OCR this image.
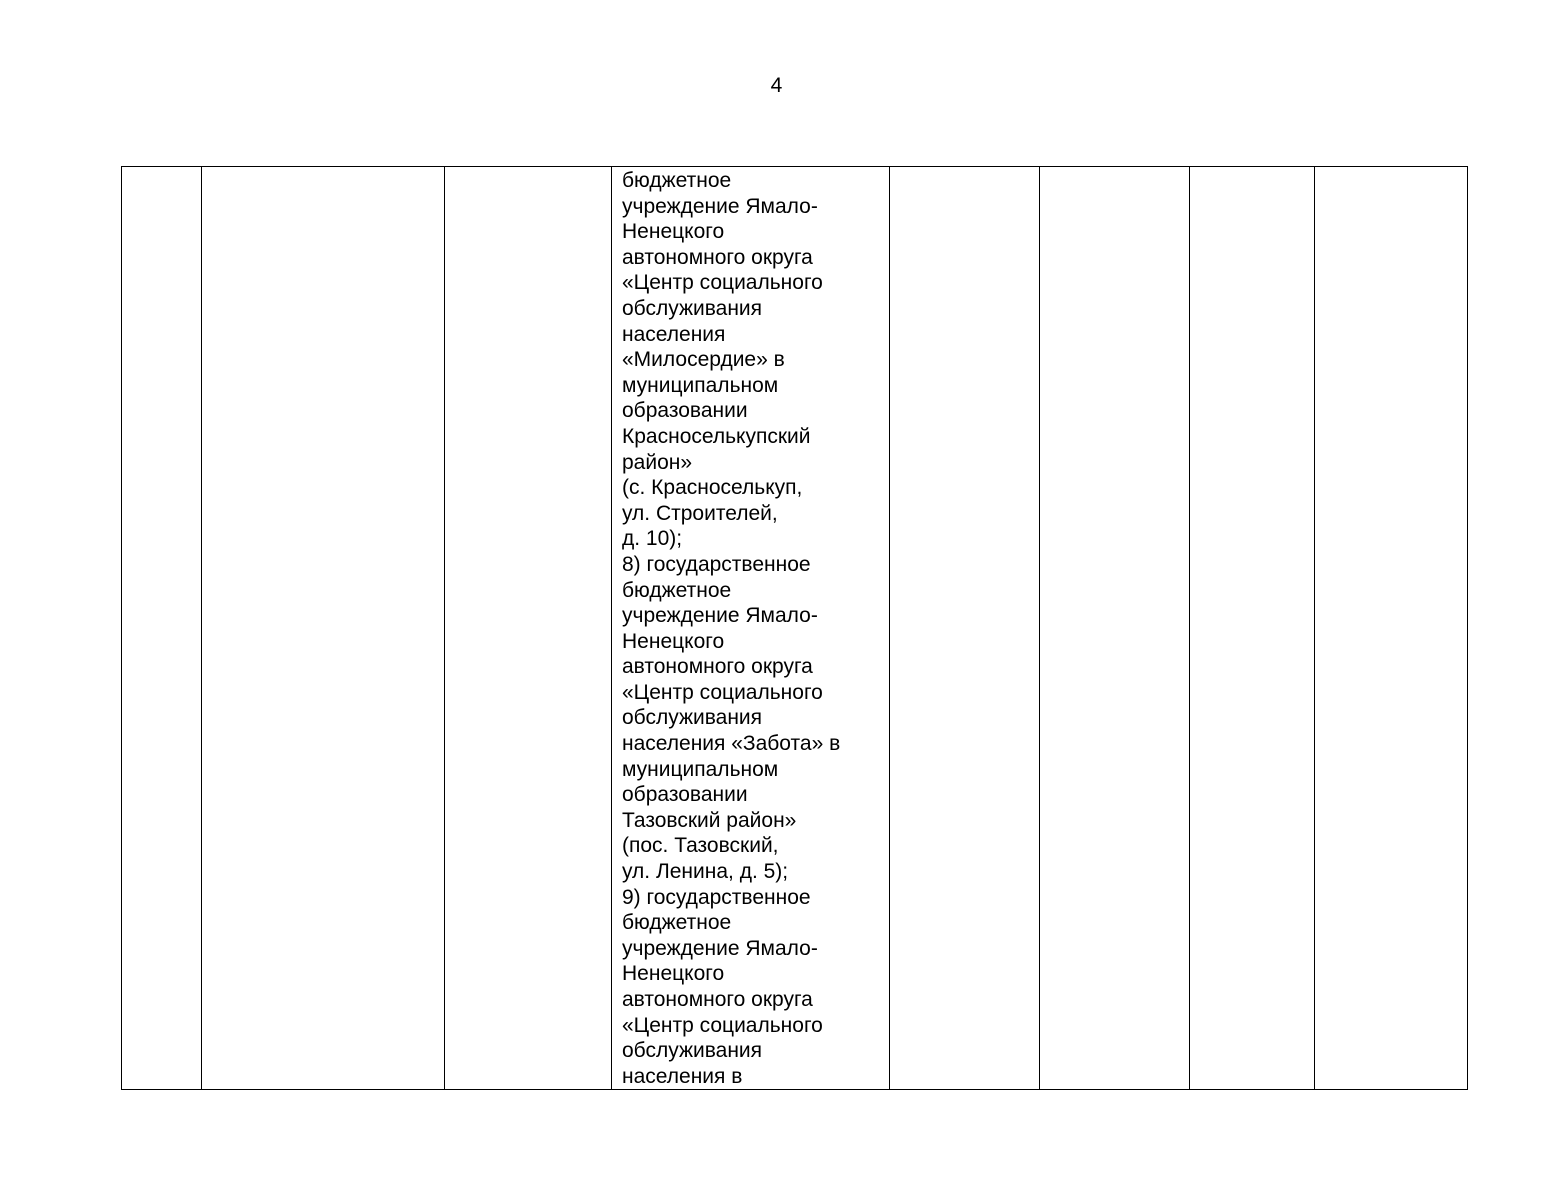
4

бюджетное
учреждение Ямало-
Ненецкого
автономного округа
«Центр социального
обслуживания
населения
«Милосердие» в
муниципальном
образовании
Красноселькупский
район»
(с. Красноселькуп,
ул. Строителей,
д. 10);
8) государственное
бюджетное
учреждение Ямало-
Ненецкого
автономного округа
«Центр социального
обслуживания
населения «Забота» в
муниципальном
образовании
Тазовский район»
(пос. Тазовский,
ул. Ленина, д. 5);
9) государственное
бюджетное
учреждение Ямало-
Ненецкого
автономного округа
«Центр социального
обслуживания
населения в
